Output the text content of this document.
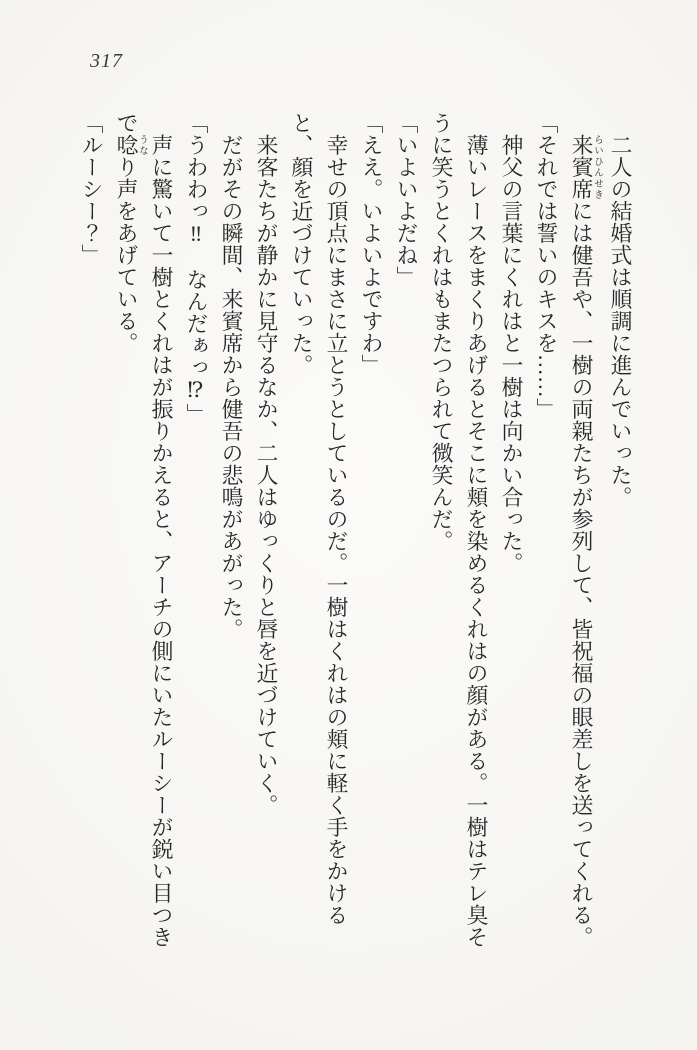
317

二人の結婚式は順調に進んでいった。

来賓席 らいひんせきには健吾や、一樹の両親たちが参列して、皆祝福の眼差しを送ってくれる。

「それでは誓いのキスを……」

神父の言葉にくれはと一樹は向かい合った。

薄いレースをまくりあげるとそこに頬を染めるくれはの顔がある。一樹はテレ臭そうに笑うとくれはもまたつられて微笑んだ。

「いよいよだね」

「ええ。いよいよですわ」

幸せの頂点にまさに立とうとしているのだ。一樹はくれはの頬に軽く手をかけると、顔を近づけていった。

来客たちが静かに見守るなか、二人はゆっくりと唇を近づけていく。

だがその瞬間、来賓席から健吾の悲鳴があがった。

「うわわっ‼　なんだぁっ⁉」

声に驚いて一樹とくれはが振りかえると、アーチの側にいたルーシーが鋭い目つきで唸 うなり声をあげている。

「ルーシー？」
